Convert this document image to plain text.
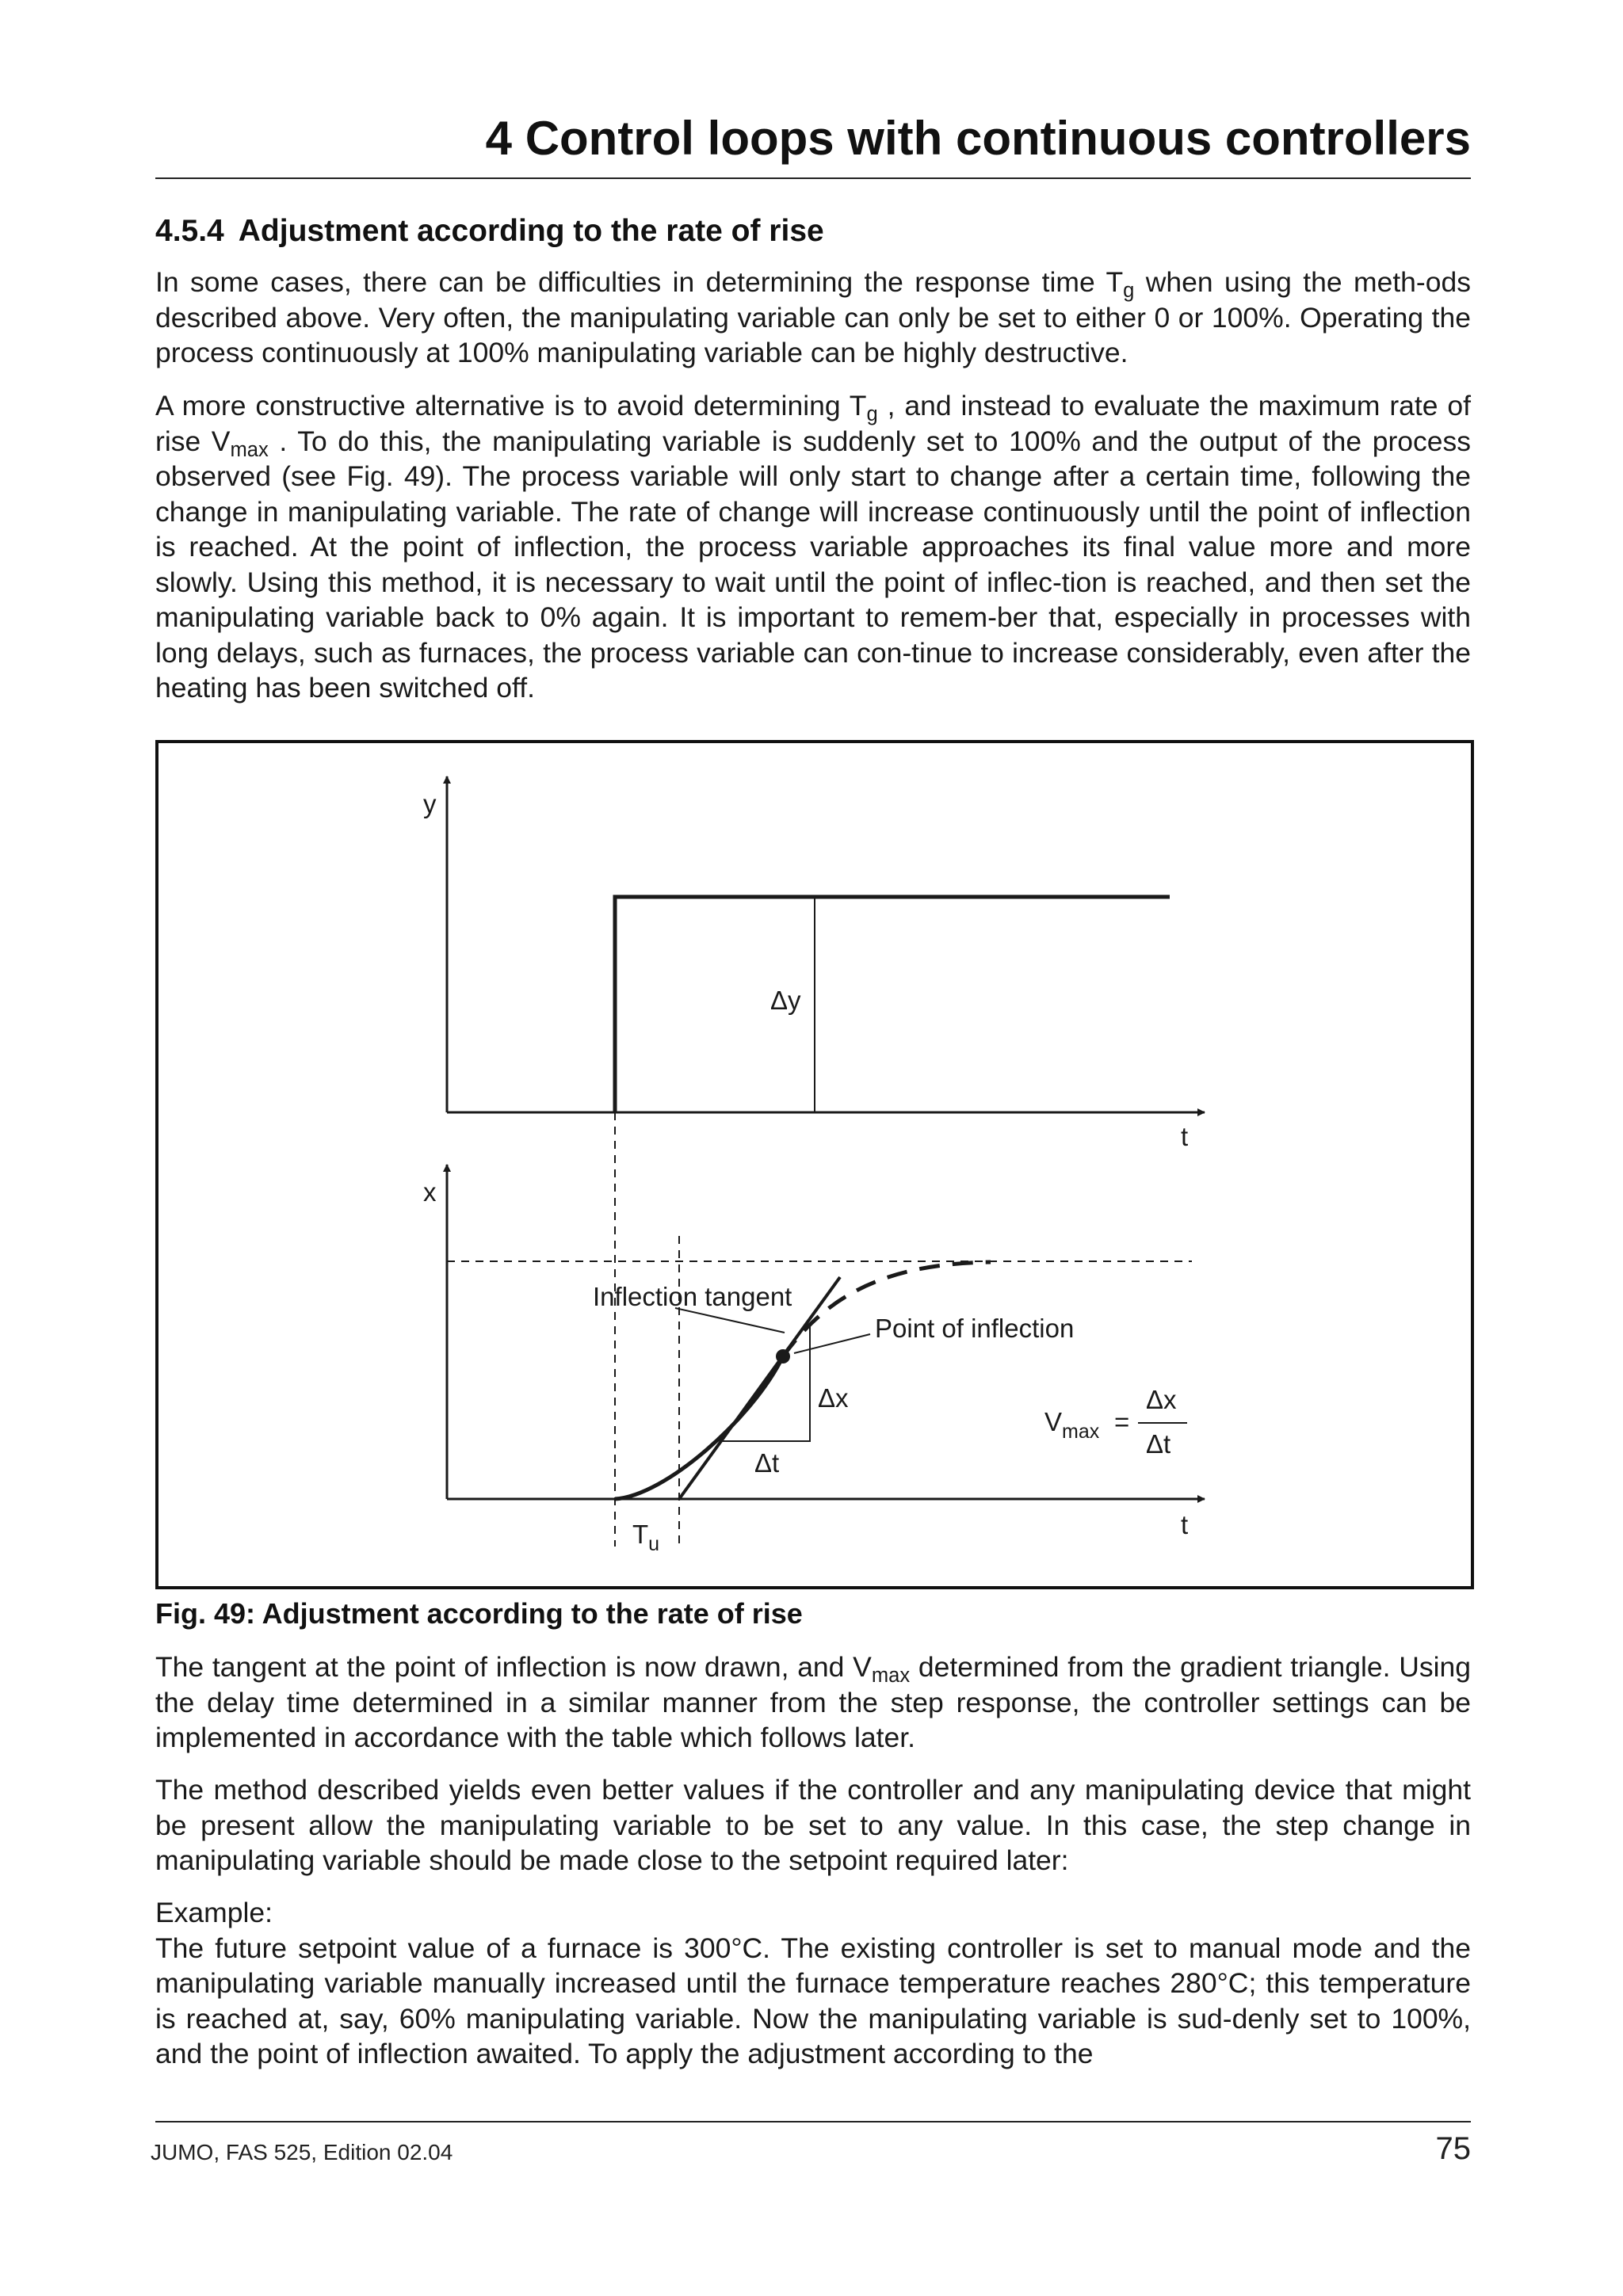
4 Control loops with continuous controllers
4.5.4 Adjustment according to the rate of rise

In some cases, there can be difficulties in determining the response time $T_g$ when using the meth-ods described above. Very often, the manipulating variable can only be set to either 0 or 100%. Operating the process continuously at 100% manipulating variable can be highly destructive.

A more constructive alternative is to avoid determining $T_g$ , and instead to evaluate the maximum rate of rise $V_{max}$ . To do this, the manipulating variable is suddenly set to 100% and the output of the process observed (see Fig. 49). The process variable will only start to change after a certain time, following the change in manipulating variable. The rate of change will increase continuously until the point of inflection is reached. At the point of inflection, the process variable approaches its final value more and more slowly. Using this method, it is necessary to wait until the point of inflec-tion is reached, and then set the manipulating variable back to 0% again. It is important to remem-ber that, especially in processes with long delays, such as furnaces, the process variable can con-tinue to increase considerably, even after the heating has been switched off.

y
t
Δy
x
Inflection tangent
Point of inflection
Δx
Δt
$T_u$
t
$V_{max}$ =
Δx
Δt
Fig. 49: Adjustment according to the rate of rise

The tangent at the point of inflection is now drawn, and $V_{max}$ determined from the gradient triangle. Using the delay time determined in a similar manner from the step response, the controller settings can be implemented in accordance with the table which follows later.

The method described yields even better values if the controller and any manipulating device that might be present allow the manipulating variable to be set to any value. In this case, the step change in manipulating variable should be made close to the setpoint required later:

Example:
The future setpoint value of a furnace is 300°C. The existing controller is set to manual mode and the manipulating variable manually increased until the furnace temperature reaches 280°C; this temperature is reached at, say, 60% manipulating variable. Now the manipulating variable is sud-denly set to 100%, and the point of inflection awaited. To apply the adjustment according to the

JUMO, FAS 525, Edition 02.04	75
